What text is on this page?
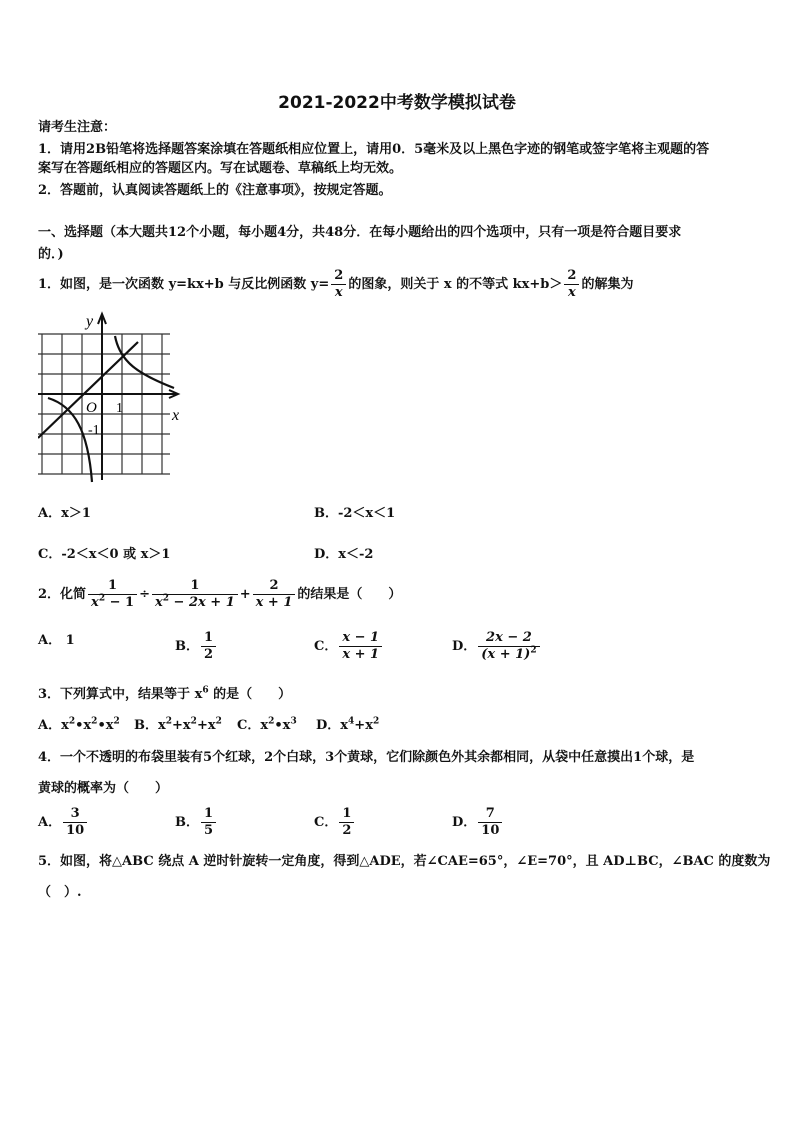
2021-2022中考数学模拟试卷
请考生注意：
1．请用2B铅笔将选择题答案涂填在答题纸相应位置上，请用0．5毫米及以上黑色字迹的钢笔或签字笔将主观题的答
案写在答题纸相应的答题区内。写在试题卷、草稿纸上均无效。
2．答题前，认真阅读答题纸上的《注意事项》，按规定答题。
一、选择题（本大题共12个小题，每小题4分，共48分．在每小题给出的四个选项中，只有一项是符合题目要求
的．)
1．如图，是一次函数 y=kx+b 与反比例函数 $y= \frac{2}{x}$ 的图象，则关于 x 的不等式 $kx+b> \frac{2}{x}$ 的解集为
y
x
O 1
-1
A．x＞1	B．-2＜x＜1
C．-2＜x＜0 或 x＞1	D．x＜-2
2．化简 $\frac{1}{x^2 - 1} \div \frac{1}{x^2 - 2x + 1} + \frac{2}{x + 1}$ 的结果是（　　）
A． 1	B． $\frac{1}{2}$	C． $\frac{x - 1}{x + 1}$	D． $\frac{2x - 2}{(x + 1)^2}$
3．下列算式中，结果等于 $x^6$ 的是（　　）
A．$x^2•x^2•x^2$ B．$x^2+x^2+x^2$ C．$x^2•x^3$ D．$x^4+x^2$
4．一个不透明的布袋里装有5个红球，2个白球，3个黄球，它们除颜色外其余都相同，从袋中任意摸出1个球，是
黄球的概率为（　　）
A． $\frac{3}{10}$	B． $\frac{1}{5}$	C． $\frac{1}{2}$	D． $\frac{7}{10}$
5．如图，将△ABC 绕点 A 逆时针旋转一定角度，得到△ADE，若∠CAE=65°，∠E=70°，且 AD⊥BC，∠BAC 的度数为
（　）.
